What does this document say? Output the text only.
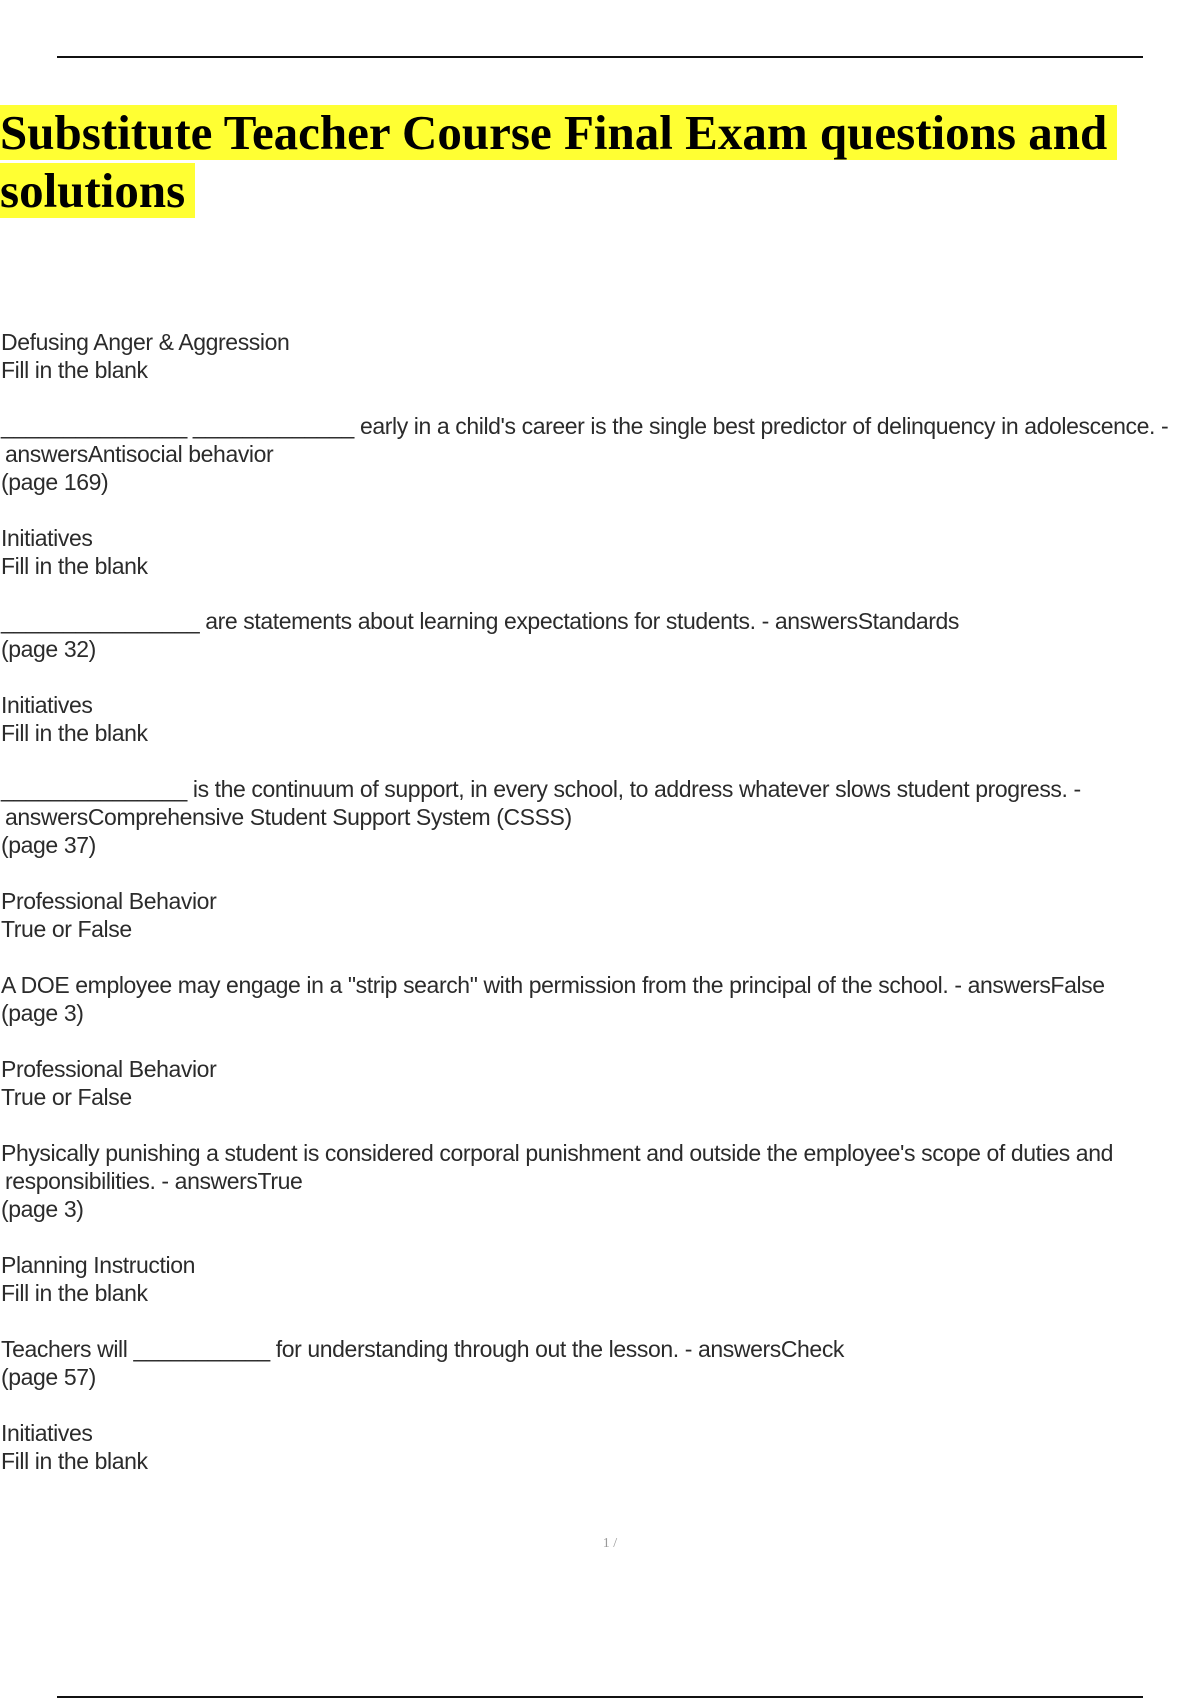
Substitute Teacher Course Final Exam questions and solutions
Defusing Anger & Aggression
Fill in the blank
_______________ _____________ early in a child's career is the single best predictor of delinquency in adolescence. -
answersAntisocial behavior
(page 169)
Initiatives
Fill in the blank
________________ are statements about learning expectations for students. - answersStandards
(page 32)
Initiatives
Fill in the blank
_______________ is the continuum of support, in every school, to address whatever slows student progress. -
answersComprehensive Student Support System (CSSS)
(page 37)
Professional Behavior
True or False
A DOE employee may engage in a "strip search" with permission from the principal of the school. - answersFalse
(page 3)
Professional Behavior
True or False
Physically punishing a student is considered corporal punishment and outside the employee's scope of duties and
responsibilities. - answersTrue
(page 3)
Planning Instruction
Fill in the blank
Teachers will ___________ for understanding through out the lesson. - answersCheck
(page 57)
Initiatives
Fill in the blank
1 /
